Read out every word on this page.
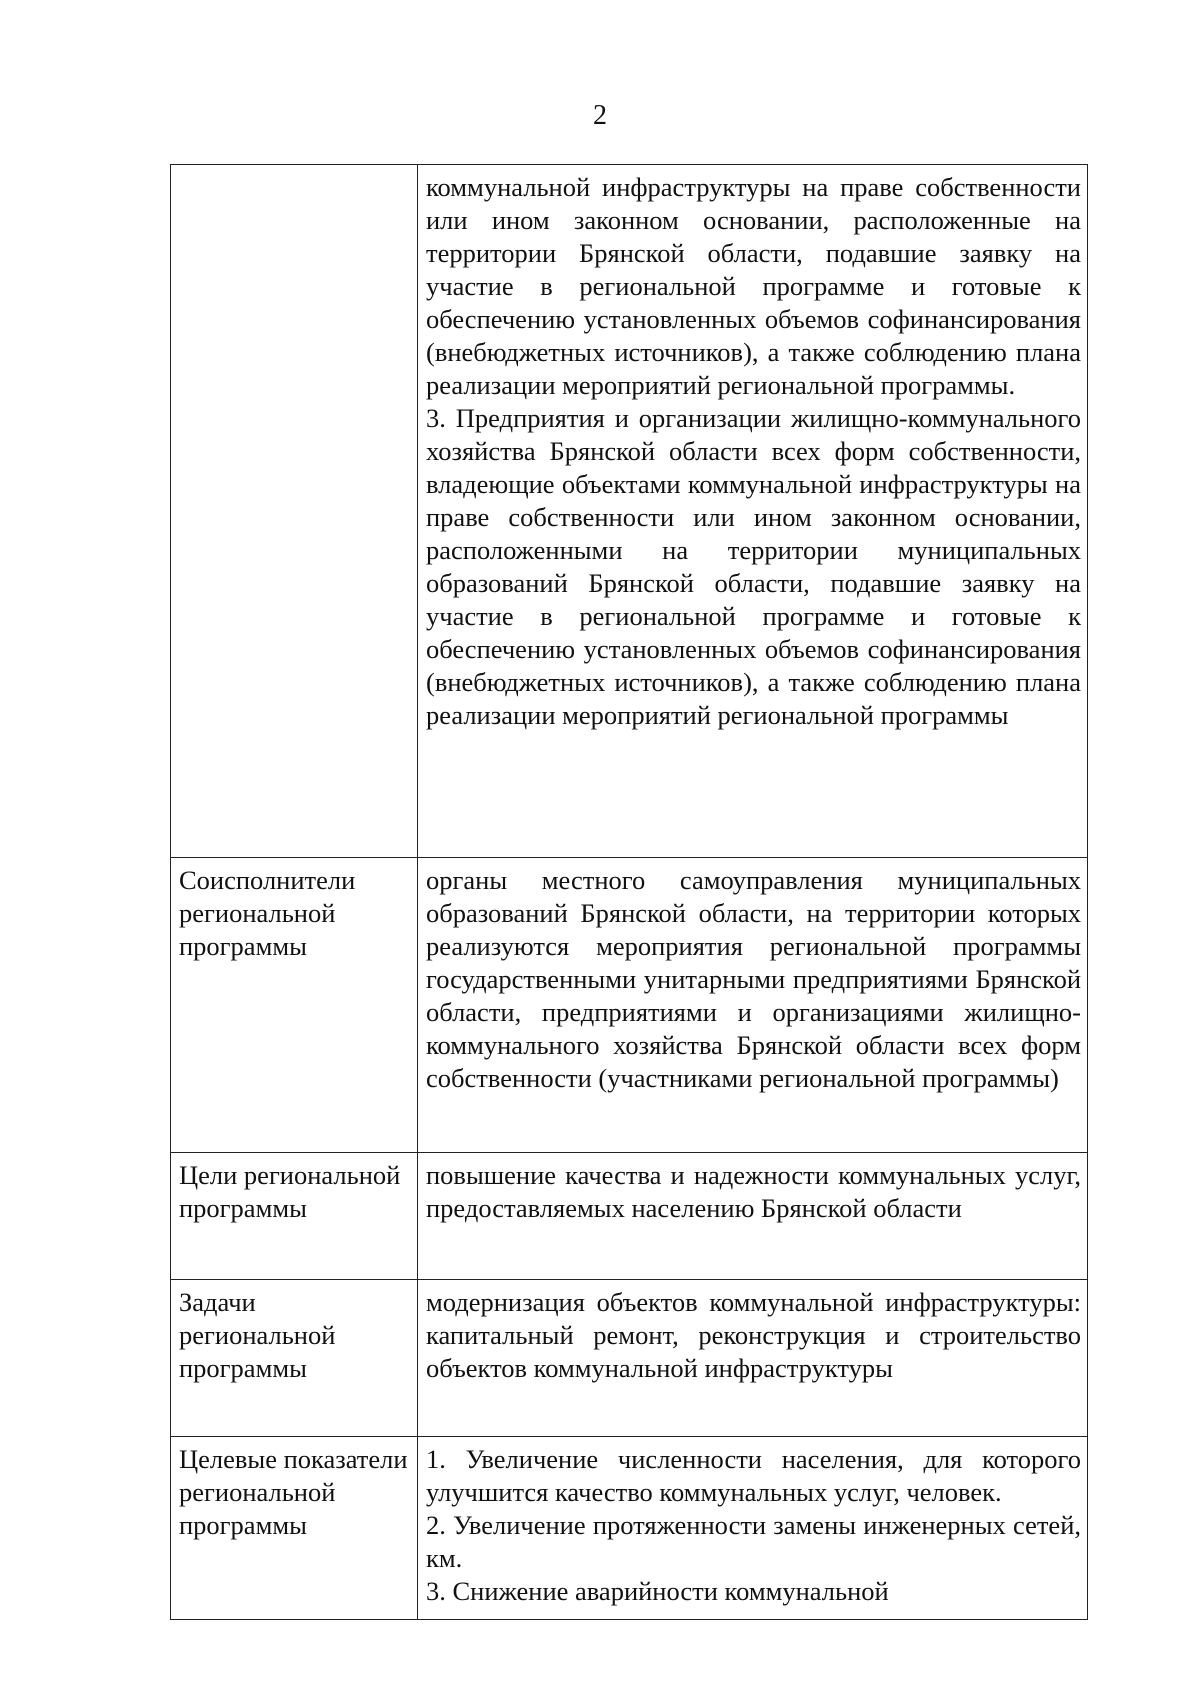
2

	коммунальной инфраструктуры на праве собственности или ином законном основании, расположенные на территории Брянской области, подавшие заявку на участие в региональной программе и готовые к обеспечению установленных объемов софинансирования (внебюджетных источников), а также соблюдению плана реализации мероприятий региональной программы.

3. Предприятия и организации жилищно-коммунального хозяйства Брянской области всех форм собственности, владеющие объектами коммунальной инфраструктуры на праве собственности или ином законном основании, расположенными на территории муниципальных образований Брянской области, подавшие заявку на участие в региональной программе и готовые к обеспечению установленных объемов софинансирования (внебюджетных источников), а также соблюдению плана реализации мероприятий региональной программы

Соисполнители региональной программы	органы местного самоуправления муниципальных образований Брянской области, на территории которых реализуются мероприятия региональной программы государственными унитарными предприятиями Брянской области, предприятиями и организациями жилищно-коммунального хозяйства Брянской области всех форм собственности (участниками региональной программы)

Цели региональной программы	повышение качества и надежности коммунальных услуг, предоставляемых населению Брянской области

Задачи региональной программы	модернизация объектов коммунальной инфраструктуры: капитальный ремонт, реконструкция и строительство объектов коммунальной инфраструктуры

Целевые показатели региональной программы	1. Увеличение численности населения, для которого улучшится качество коммунальных услуг, человек.

2. Увеличение протяженности замены инженерных сетей, км.

3. Снижение аварийности коммунальной
